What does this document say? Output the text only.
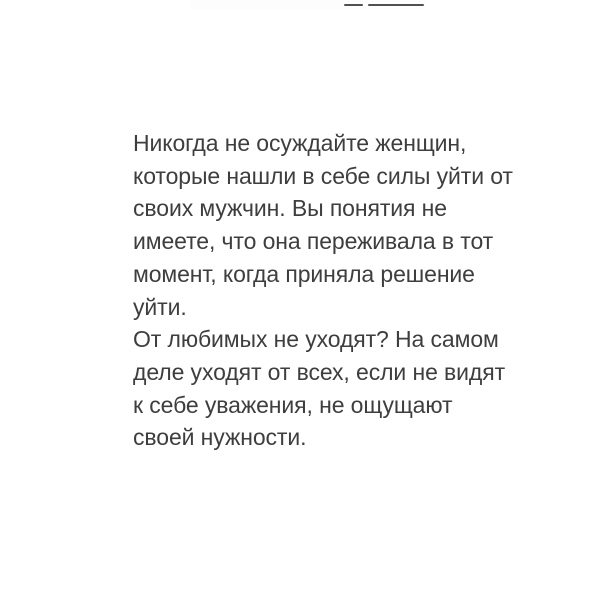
Никогда не осуждайте женщин,
которые нашли в себе силы уйти от
своих мужчин. Вы понятия не
имеете, что она переживала в тот
момент, когда приняла решение
уйти.
От любимых не уходят? На самом
деле уходят от всех, если не видят
к себе уважения, не ощущают
своей нужности.
